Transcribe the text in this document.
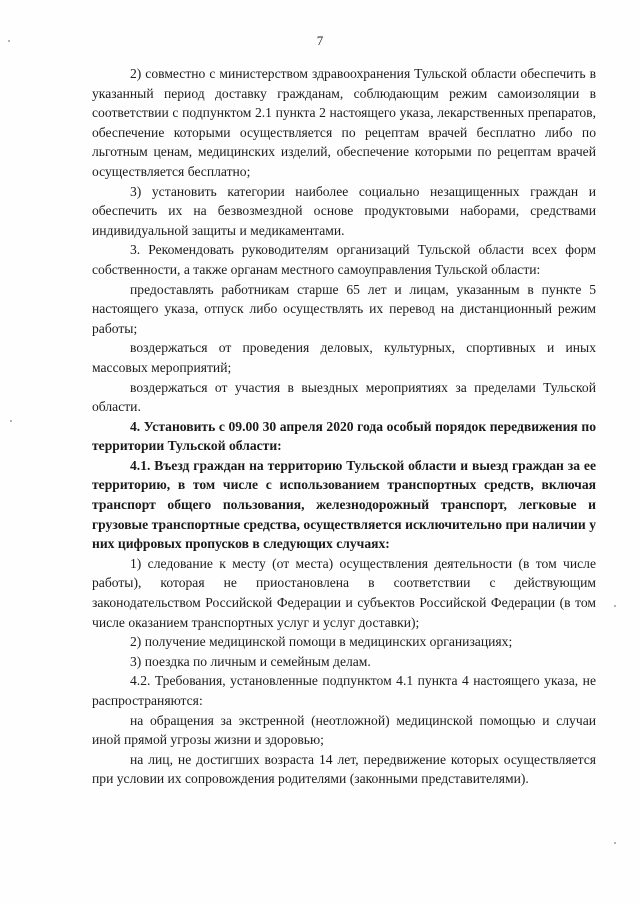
7

2) совместно с министерством здравоохранения Тульской области обеспечить в указанный период доставку гражданам, соблюдающим режим самоизоляции в соответствии с подпунктом 2.1 пункта 2 настоящего указа, лекарственных препаратов, обеспечение которыми осуществляется по рецептам врачей бесплатно либо по льготным ценам, медицинских изделий, обеспечение которыми по рецептам врачей осуществляется бесплатно;

3) установить категории наиболее социально незащищенных граждан и обеспечить их на безвозмездной основе продуктовыми наборами, средствами индивидуальной защиты и медикаментами.

3. Рекомендовать руководителям организаций Тульской области всех форм собственности, а также органам местного самоуправления Тульской области:

предоставлять работникам старше 65 лет и лицам, указанным в пункте 5 настоящего указа, отпуск либо осуществлять их перевод на дистанционный режим работы;

воздержаться от проведения деловых, культурных, спортивных и иных массовых мероприятий;

воздержаться от участия в выездных мероприятиях за пределами Тульской области.

4. Установить с 09.00 30 апреля 2020 года особый порядок передвижения по территории Тульской области:

4.1. Въезд граждан на территорию Тульской области и выезд граждан за ее территорию, в том числе с использованием транспортных средств, включая транспорт общего пользования, железнодорожный транспорт, легковые и грузовые транспортные средства, осуществляется исключительно при наличии у них цифровых пропусков в следующих случаях:

1) следование к месту (от места) осуществления деятельности (в том числе работы), которая не приостановлена в соответствии с действующим законодательством Российской Федерации и субъектов Российской Федерации (в том числе оказанием транспортных услуг и услуг доставки);

2) получение медицинской помощи в медицинских организациях;

3) поездка по личным и семейным делам.

4.2. Требования, установленные подпунктом 4.1 пункта 4 настоящего указа, не распространяются:

на обращения за экстренной (неотложной) медицинской помощью и случаи иной прямой угрозы жизни и здоровью;

на лиц, не достигших возраста 14 лет, передвижение которых осуществляется при условии их сопровождения родителями (законными представителями).
